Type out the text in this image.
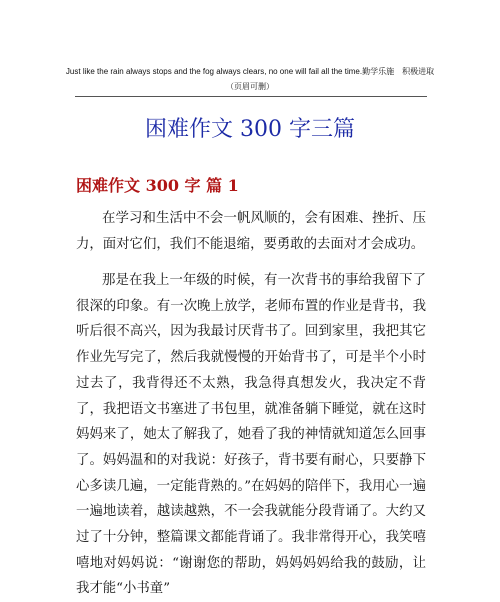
Just like the rain always stops and the fog always clears, no one will fail all the time.勤学乐施　积极进取（页眉可删）
困难作文 300 字三篇
困难作文 300 字 篇 1
在学习和生活中不会一帆风顺的，会有困难、挫折、压力，面对它们，我们不能退缩，要勇敢的去面对才会成功。
那是在我上一年级的时候，有一次背书的事给我留下了很深的印象。有一次晚上放学，老师布置的作业是背书，我听后很不高兴，因为我最讨厌背书了。回到家里，我把其它作业先写完了，然后我就慢慢的开始背书了，可是半个小时过去了，我背得还不太熟，我急得真想发火，我决定不背了，我把语文书塞进了书包里，就准备躺下睡觉，就在这时妈妈来了，她太了解我了，她看了我的神情就知道怎么回事了。妈妈温和的对我说：好孩子，背书要有耐心，只要静下心多读几遍，一定能背熟的。”在妈妈的陪伴下，我用心一遍一遍地读着，越读越熟，不一会我就能分段背诵了。大约又过了十分钟，整篇课文都能背诵了。我非常得开心，我笑嘻嘻地对妈妈说：“谢谢您的帮助，妈妈妈妈给我的鼓励，让我才能“小书童”
